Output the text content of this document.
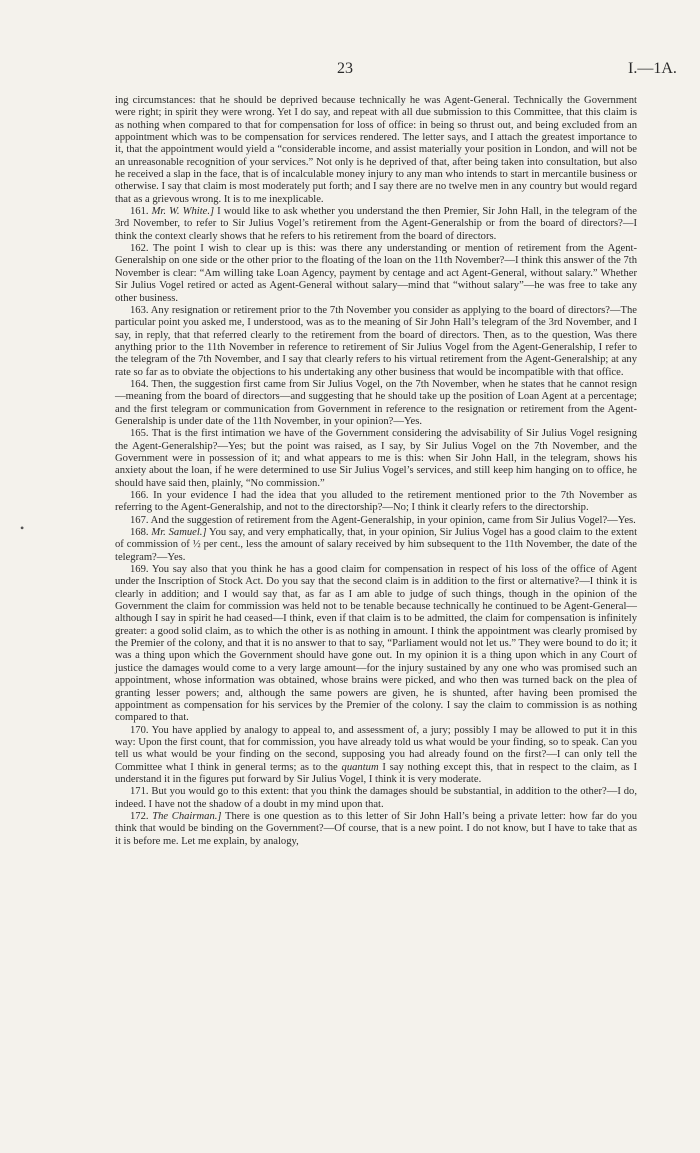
23	I.—1A.
•

ing circumstances: that he should be deprived because technically he was Agent-General. Technically the Government were right; in spirit they were wrong. Yet I do say, and repeat with all due submission to this Committee, that this claim is as nothing when compared to that for compensation for loss of office: in being so thrust out, and being excluded from an appointment which was to be compensation for services rendered. The letter says, and I attach the greatest importance to it, that the appointment would yield a “considerable income, and assist materially your position in London, and will not be an unreasonable recognition of your services.” Not only is he deprived of that, after being taken into consultation, but also he received a slap in the face, that is of incalculable money injury to any man who intends to start in mercantile business or otherwise. I say that claim is most moderately put forth; and I say there are no twelve men in any country but would regard that as a grievous wrong. It is to me inexplicable.

161. Mr. W. White.] I would like to ask whether you understand the then Premier, Sir John Hall, in the telegram of the 3rd November, to refer to Sir Julius Vogel’s retirement from the Agent-Generalship or from the board of directors?—I think the context clearly shows that he refers to his retirement from the board of directors.

162. The point I wish to clear up is this: was there any understanding or mention of retirement from the Agent-Generalship on one side or the other prior to the floating of the loan on the 11th November?—I think this answer of the 7th November is clear: “Am willing take Loan Agency, payment by centage and act Agent-General, without salary.” Whether Sir Julius Vogel retired or acted as Agent-General without salary—mind that “without salary”—he was free to take any other business.

163. Any resignation or retirement prior to the 7th November you consider as applying to the board of directors?—The particular point you asked me, I understood, was as to the meaning of Sir John Hall’s telegram of the 3rd November, and I say, in reply, that that referred clearly to the retirement from the board of directors. Then, as to the question, Was there anything prior to the 11th November in reference to retirement of Sir Julius Vogel from the Agent-Generalship, I refer to the telegram of the 7th November, and I say that clearly refers to his virtual retirement from the Agent-Generalship; at any rate so far as to obviate the objections to his undertaking any other business that would be incompatible with that office.

164. Then, the suggestion first came from Sir Julius Vogel, on the 7th November, when he states that he cannot resign—meaning from the board of directors—and suggesting that he should take up the position of Loan Agent at a percentage; and the first telegram or communication from Government in reference to the resignation or retirement from the Agent-Generalship is under date of the 11th November, in your opinion?—Yes.

165. That is the first intimation we have of the Government considering the advisability of Sir Julius Vogel resigning the Agent-Generalship?—Yes; but the point was raised, as I say, by Sir Julius Vogel on the 7th November, and the Government were in possession of it; and what appears to me is this: when Sir John Hall, in the telegram, shows his anxiety about the loan, if he were determined to use Sir Julius Vogel’s services, and still keep him hanging on to office, he should have said then, plainly, “No commission.”

166. In your evidence I had the idea that you alluded to the retirement mentioned prior to the 7th November as referring to the Agent-Generalship, and not to the directorship?—No; I think it clearly refers to the directorship.

167. And the suggestion of retirement from the Agent-Generalship, in your opinion, came from Sir Julius Vogel?—Yes.

168. Mr. Samuel.] You say, and very emphatically, that, in your opinion, Sir Julius Vogel has a good claim to the extent of commission of ½ per cent., less the amount of salary received by him subsequent to the 11th November, the date of the telegram?—Yes.

169. You say also that you think he has a good claim for compensation in respect of his loss of the office of Agent under the Inscription of Stock Act. Do you say that the second claim is in addition to the first or alternative?—I think it is clearly in addition; and I would say that, as far as I am able to judge of such things, though in the opinion of the Government the claim for commission was held not to be tenable because technically he continued to be Agent-General—although I say in spirit he had ceased—I think, even if that claim is to be admitted, the claim for compensation is infinitely greater: a good solid claim, as to which the other is as nothing in amount. I think the appointment was clearly promised by the Premier of the colony, and that it is no answer to that to say, “Parliament would not let us.” They were bound to do it; it was a thing upon which the Government should have gone out. In my opinion it is a thing upon which in any Court of justice the damages would come to a very large amount—for the injury sustained by any one who was promised such an appointment, whose information was obtained, whose brains were picked, and who then was turned back on the plea of granting lesser powers; and, although the same powers are given, he is shunted, after having been promised the appointment as compensation for his services by the Premier of the colony. I say the claim to commission is as nothing compared to that.

170. You have applied by analogy to appeal to, and assessment of, a jury; possibly I may be allowed to put it in this way: Upon the first count, that for commission, you have already told us what would be your finding, so to speak. Can you tell us what would be your finding on the second, supposing you had already found on the first?—I can only tell the Committee what I think in general terms; as to the quantum I say nothing except this, that in respect to the claim, as I understand it in the figures put forward by Sir Julius Vogel, I think it is very moderate.

171. But you would go to this extent: that you think the damages should be substantial, in addition to the other?—I do, indeed. I have not the shadow of a doubt in my mind upon that.

172. The Chairman.] There is one question as to this letter of Sir John Hall’s being a private letter: how far do you think that would be binding on the Government?—Of course, that is a new point. I do not know, but I have to take that as it is before me. Let me explain, by analogy,
